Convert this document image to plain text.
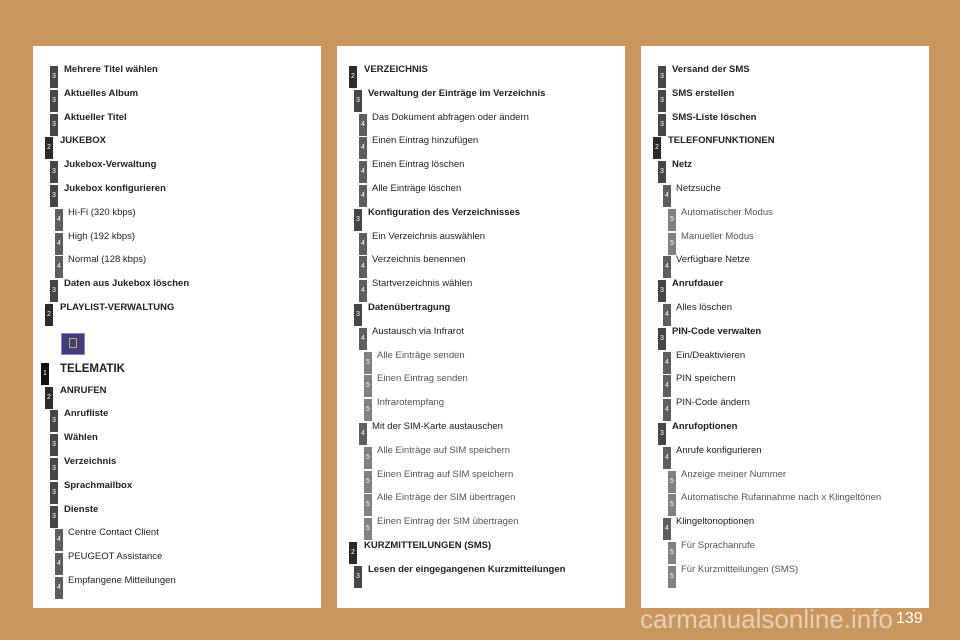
3
Mehrere Titel wählen
3
Aktuelles Album
3
Aktueller Titel
2
JUKEBOX
3
Jukebox-Verwaltung
3
Jukebox konfigurieren
4
Hi-Fi (320 kbps)
4
High (192 kbps)
4
Normal (128 kbps)
3
Daten aus Jukebox löschen
2
PLAYLIST-VERWALTUNG
1 TELEMATIK
2
ANRUFEN
3
Anrufliste
3
Wählen
3
Verzeichnis
3
Sprachmailbox
3
Dienste
4
Centre Contact Client
4
PEUGEOT Assistance
4
Empfangene Mitteilungen
2
VERZEICHNIS
3
Verwaltung der Einträge im Verzeichnis
4
Das Dokument abfragen oder ändern
4
Einen Eintrag hinzufügen
4
Einen Eintrag löschen
4
Alle Einträge löschen
3
Konfiguration des Verzeichnisses
4
Ein Verzeichnis auswählen
4
Verzeichnis benennen
4
Startverzeichnis wählen
3
Datenübertragung
4
Austausch via Infrarot
5
Alle Einträge senden
5
Einen Eintrag senden
5
Infrarotempfang
4
Mit der SIM-Karte austauschen
5
Alle Einträge auf SIM speichern
5
Einen Eintrag auf SIM speichern
5
Alle Einträge der SIM übertragen
5
Einen Eintrag der SIM übertragen
2
KURZMITTEILUNGEN (SMS)
3
Lesen der eingegangenen Kurzmitteilungen
3
Versand der SMS
3
SMS erstellen
3
SMS-Liste löschen
2
TELEFONFUNKTIONEN
3
Netz
4
Netzsuche
5
Automatischer Modus
5
Manueller Modus
4
Verfügbare Netze
3
Anrufdauer
4
Alles löschen
3
PIN-Code verwalten
4
Ein/Deaktivieren
4
PIN speichern
4
PIN-Code ändern
3
Anrufoptionen
4
Anrufe konfigurieren
5
Anzeige meiner Nummer
5
Automatische Rufannahme nach x Klingeltönen
4
Klingeltonoptionen
5
Für Sprachanrufe
5
Für Kurzmitteilungen (SMS)
139
carmanualsonline.info
